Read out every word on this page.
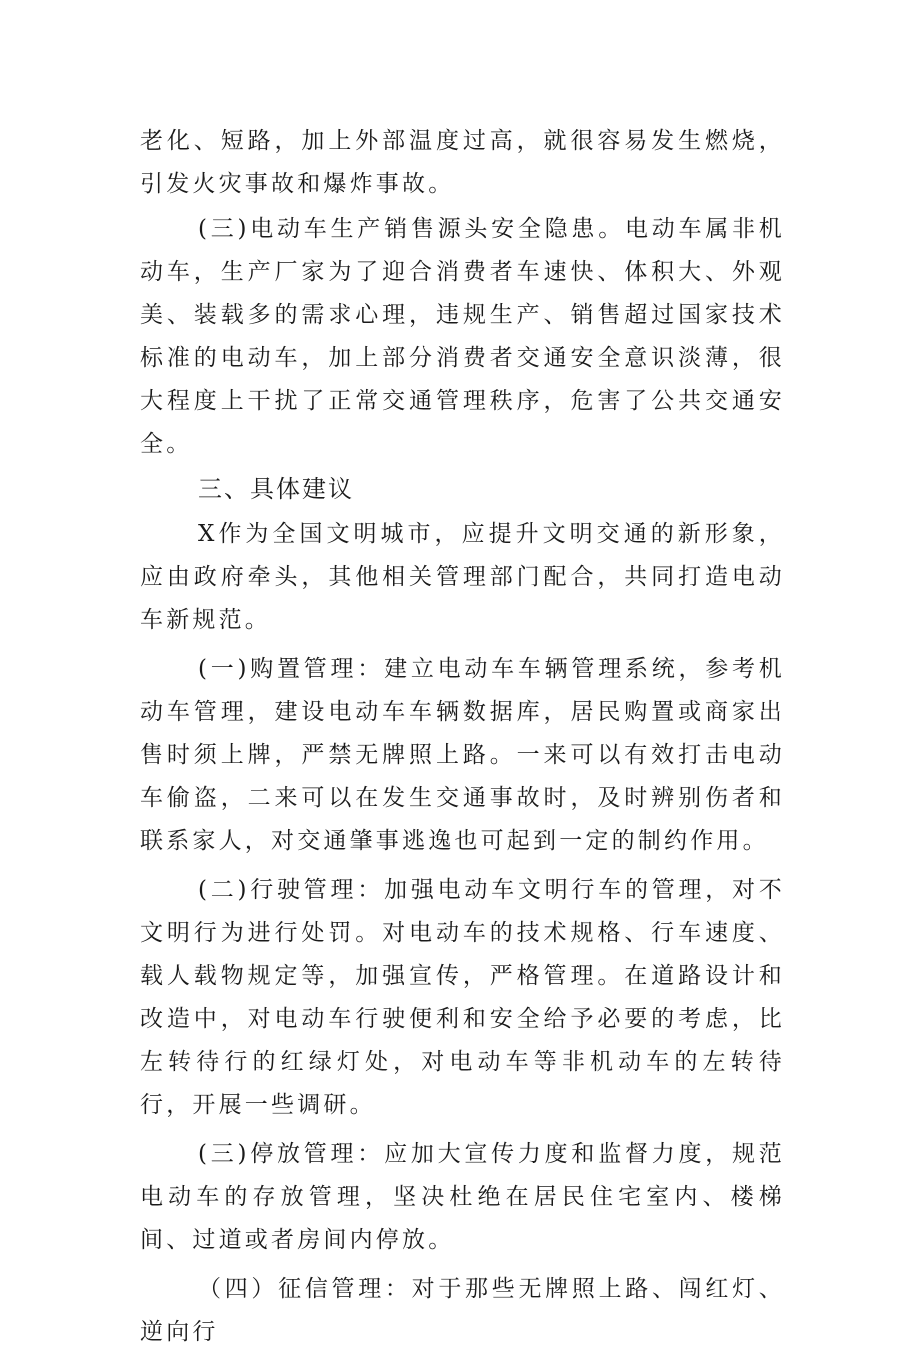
老化、短路，加上外部温度过高，就很容易发生燃烧，引发火灾事故和爆炸事故。

(三)电动车生产销售源头安全隐患。电动车属非机动车，生产厂家为了迎合消费者车速快、体积大、外观美、装载多的需求心理，违规生产、销售超过国家技术标准的电动车，加上部分消费者交通安全意识淡薄，很大程度上干扰了正常交通管理秩序，危害了公共交通安全。

三、具体建议

X作为全国文明城市，应提升文明交通的新形象，应由政府牵头，其他相关管理部门配合，共同打造电动车新规范。

(一)购置管理：建立电动车车辆管理系统，参考机动车管理，建设电动车车辆数据库，居民购置或商家出售时须上牌，严禁无牌照上路。一来可以有效打击电动车偷盗，二来可以在发生交通事故时，及时辨别伤者和联系家人，对交通肇事逃逸也可起到一定的制约作用。

(二)行驶管理：加强电动车文明行车的管理，对不文明行为进行处罚。对电动车的技术规格、行车速度、载人载物规定等，加强宣传，严格管理。在道路设计和改造中，对电动车行驶便利和安全给予必要的考虑，比左转待行的红绿灯处，对电动车等非机动车的左转待行，开展一些调研。

(三)停放管理：应加大宣传力度和监督力度，规范电动车的存放管理，坚决杜绝在居民住宅室内、楼梯间、过道或者房间内停放。

（四）征信管理：对于那些无牌照上路、闯红灯、逆向行
